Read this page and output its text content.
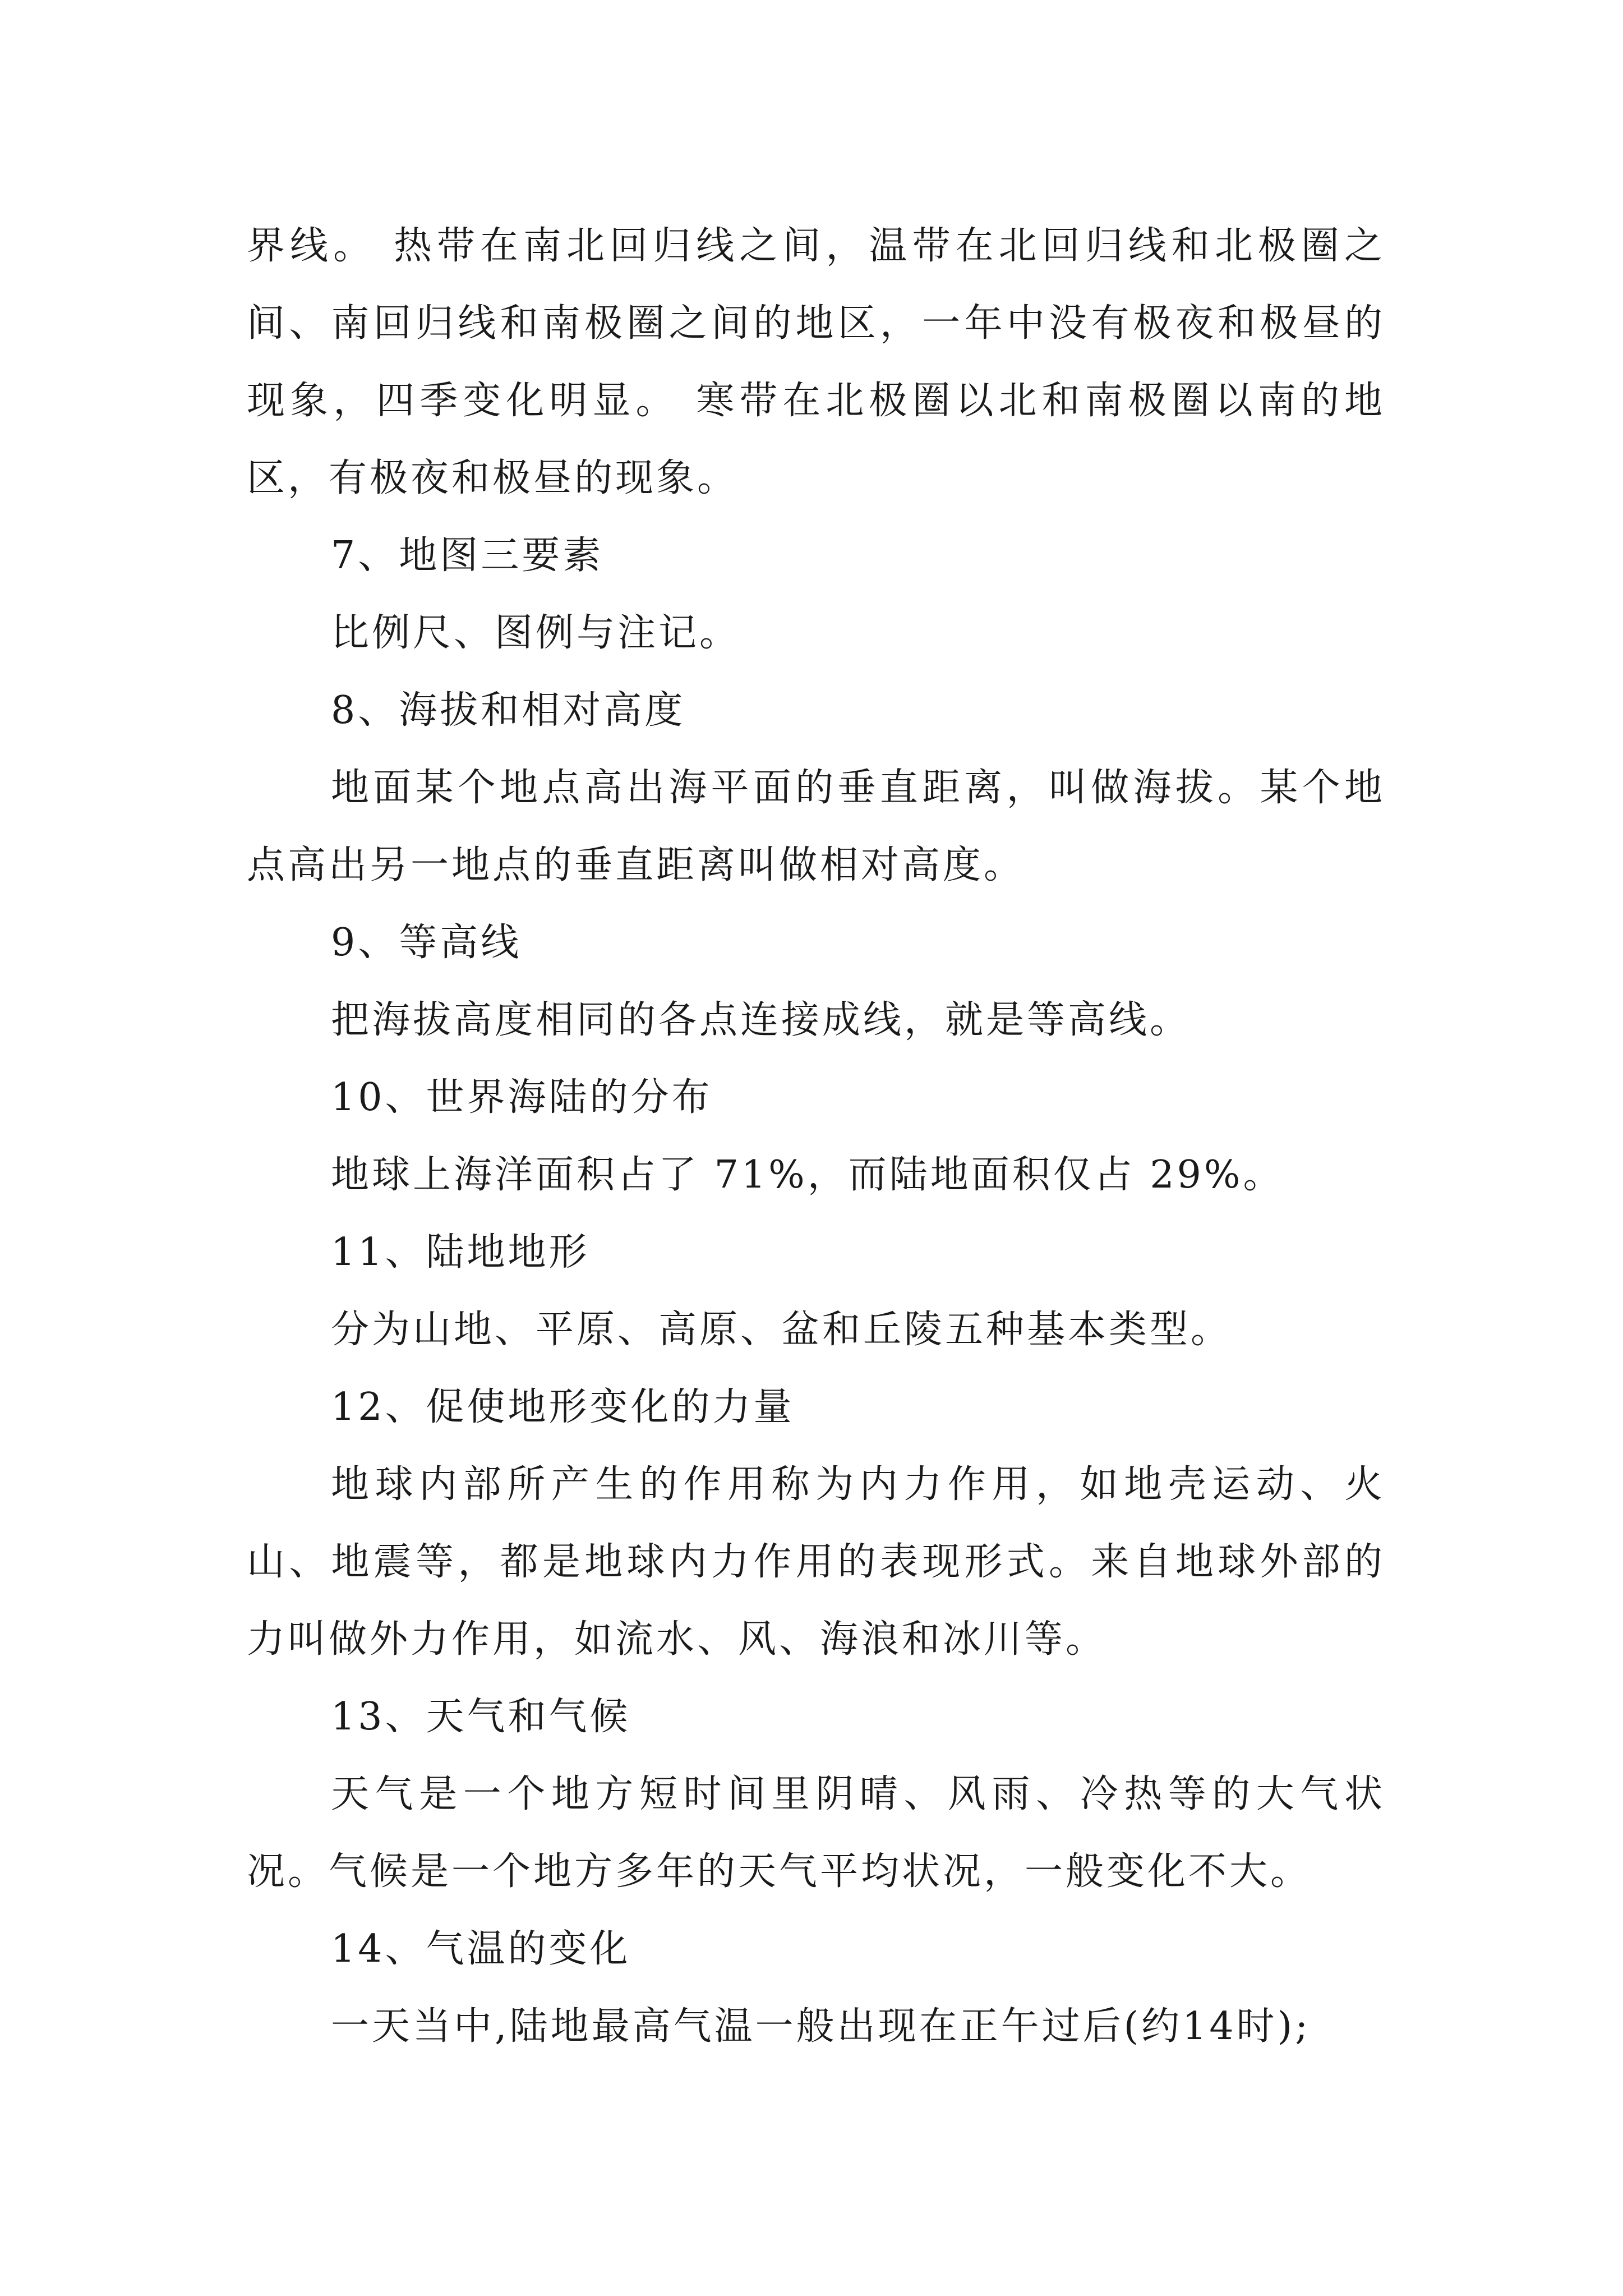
界线。 热带在南北回归线之间，温带在北回归线和北极圈之间、南回归线和南极圈之间的地区，一年中没有极夜和极昼的现象，四季变化明显。 寒带在北极圈以北和南极圈以南的地区，有极夜和极昼的现象。

7、地图三要素

比例尺、图例与注记。

8、海拔和相对高度

地面某个地点高出海平面的垂直距离，叫做海拔。某个地点高出另一地点的垂直距离叫做相对高度。

9、等高线

把海拔高度相同的各点连接成线，就是等高线。

10、世界海陆的分布

地球上海洋面积占了 71%，而陆地面积仅占 29%。

11、陆地地形

分为山地、平原、高原、盆和丘陵五种基本类型。

12、促使地形变化的力量

地球内部所产生的作用称为内力作用，如地壳运动、火山、地震等，都是地球内力作用的表现形式。来自地球外部的力叫做外力作用，如流水、风、海浪和冰川等。

13、天气和气候

天气是一个地方短时间里阴晴、风雨、冷热等的大气状况。气候是一个地方多年的天气平均状况，一般变化不大。

14、气温的变化

一天当中,陆地最高气温一般出现在正午过后(约14时);
